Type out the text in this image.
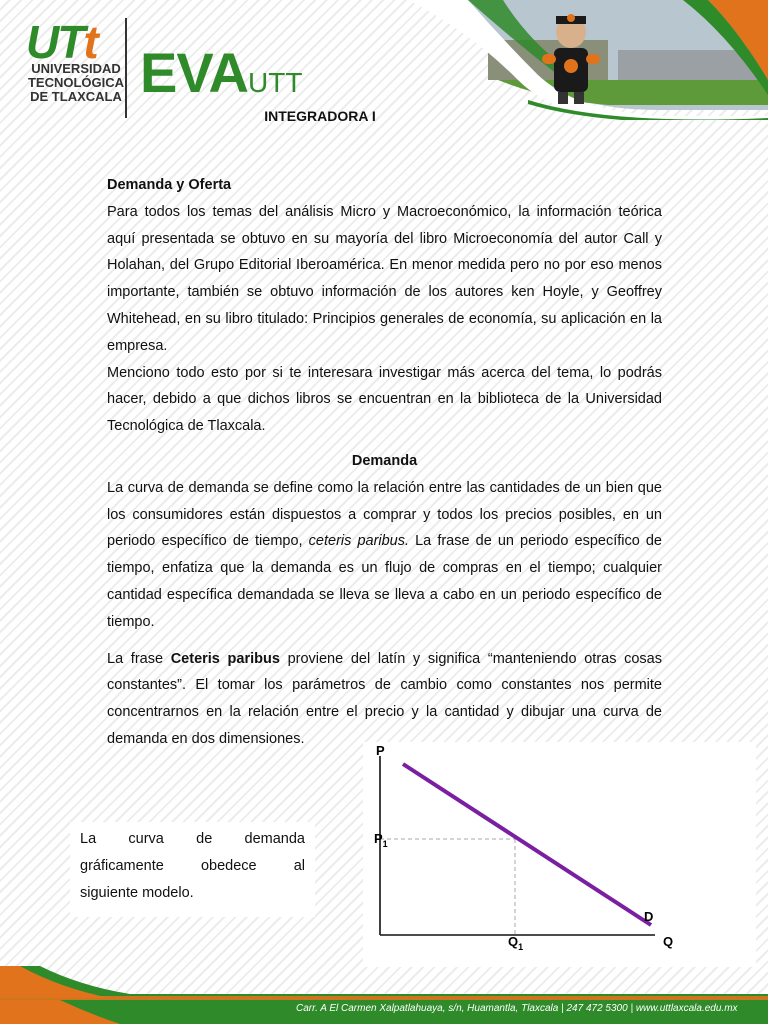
UTt
UNIVERSIDAD
TECNOLÓGICA
DE TLAXCALA EVA UTT
INTEGRADORA I

Demanda y Oferta

Para todos los temas del análisis Micro y Macroeconómico, la información teórica aquí presentada se obtuvo en su mayoría del libro Microeconomía del autor Call y Holahan, del Grupo Editorial Iberoamérica. En menor medida pero no por eso menos importante, también se obtuvo información de los autores ken Hoyle, y Geoffrey Whitehead, en su libro titulado: Principios generales de economía, su aplicación en la empresa.

Menciono todo esto por si te interesara investigar más acerca del tema, lo podrás hacer, debido a que dichos libros se encuentran en la biblioteca de la Universidad Tecnológica de Tlaxcala.

Demanda

La curva de demanda se define como la relación entre las cantidades de un bien que los consumidores están dispuestos a comprar y todos los precios posibles, en un periodo específico de tiempo, ceteris paribus. La frase de un periodo específico de tiempo, enfatiza que la demanda es un flujo de compras en el tiempo; cualquier cantidad específica demandada se lleva se lleva a cabo en un periodo específico de tiempo.

La frase Ceteris paribus proviene del latín y significa “manteniendo otras cosas constantes”. El tomar los parámetros de cambio como constantes nos permite concentrarnos en la relación entre el precio y la cantidad y dibujar una curva de demanda en dos dimensiones.

La curva de demanda gráficamente obedece al
siguiente modelo.
P
Q
$P_1$
$Q_1$
D
Carr. A El Carmen Xalpatlahuaya, s/n, Huamantla, Tlaxcala | 247 472 5300 | www.uttlaxcala.edu.mx
